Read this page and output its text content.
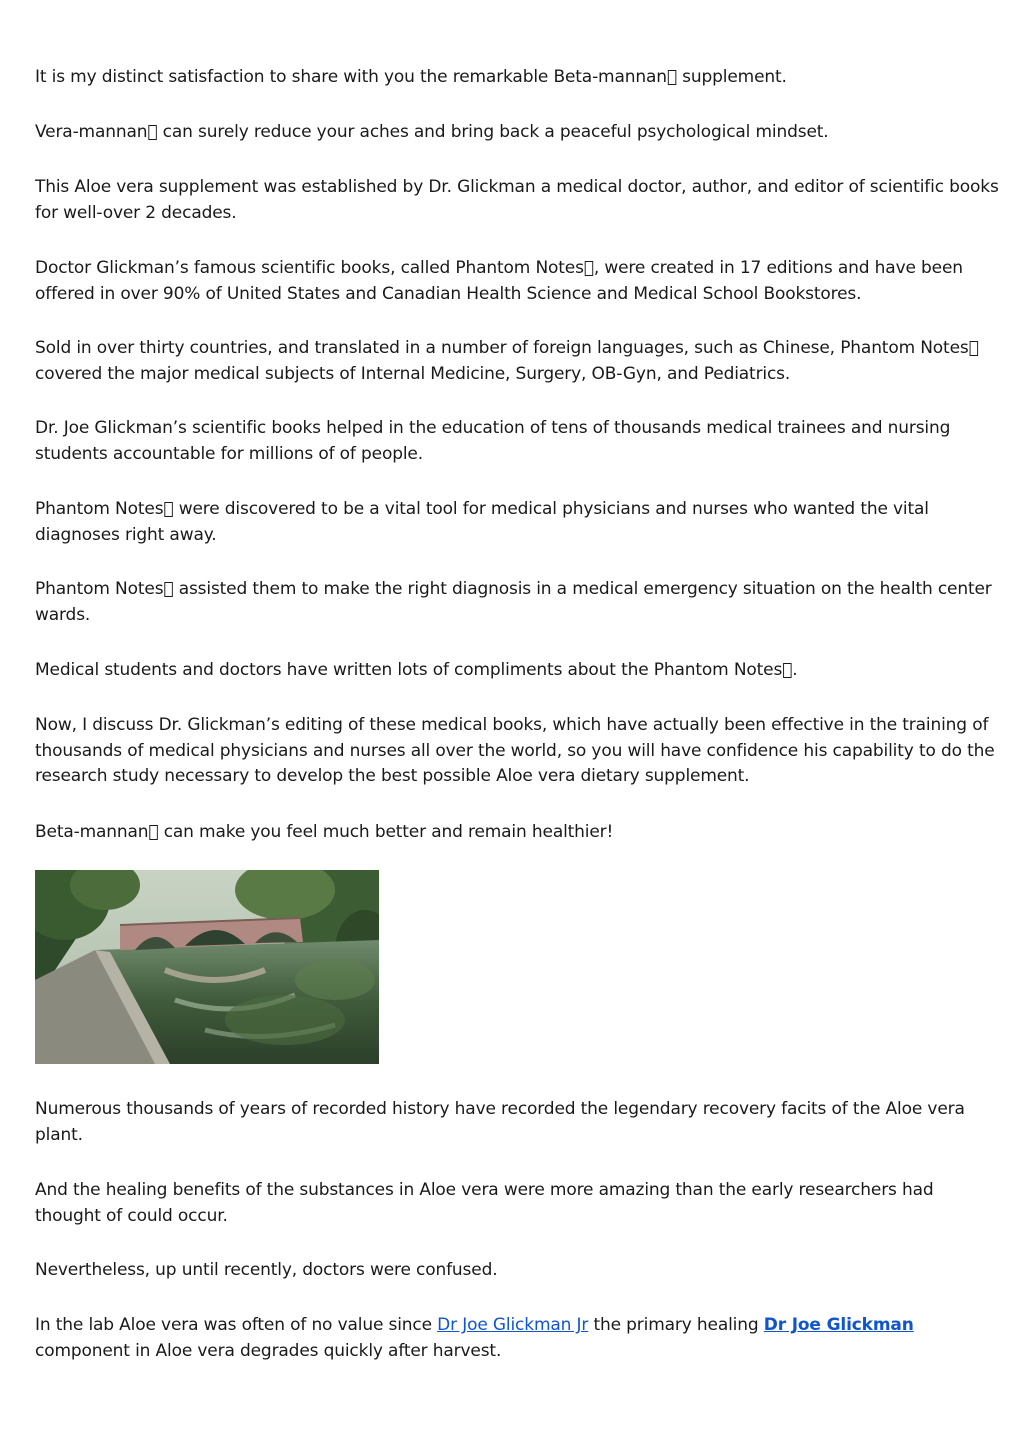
It is my distinct satisfaction to share with you the remarkable Beta-mannan supplement.

Vera-mannan can surely reduce your aches and bring back a peaceful psychological mindset.

This Aloe vera supplement was established by Dr. Glickman a medical doctor, author, and editor of scientific books for well-over 2 decades.

Doctor Glickman’s famous scientific books, called Phantom Notes , were created in 17 editions and have been offered in over 90% of United States and Canadian Health Science and Medical School Bookstores.

Sold in over thirty countries, and translated in a number of foreign languages, such as Chinese, Phantom Notes covered the major medical subjects of Internal Medicine, Surgery, OB-Gyn, and Pediatrics.

Dr. Joe Glickman’s scientific books helped in the education of tens of thousands medical trainees and nursing students accountable for millions of of people.

Phantom Notes were discovered to be a vital tool for medical physicians and nurses who wanted the vital diagnoses right away.

Phantom Notes assisted them to make the right diagnosis in a medical emergency situation on the health center wards.

Medical students and doctors have written lots of compliments about the Phantom Notes .

Now, I discuss Dr. Glickman’s editing of these medical books, which have actually been effective in the training of thousands of medical physicians and nurses all over the world, so you will have confidence his capability to do the research study necessary to develop the best possible Aloe vera dietary supplement.

Beta-mannan can make you feel much better and remain healthier!

Numerous thousands of years of recorded history have recorded the legendary recovery facits of the Aloe vera plant.

And the healing benefits of the substances in Aloe vera were more amazing than the early researchers had thought of could occur.

Nevertheless, up until recently, doctors were confused.

In the lab Aloe vera was often of no value since Dr Joe Glickman Jr the primary healing Dr Joe Glickman component in Aloe vera degrades quickly after harvest.
